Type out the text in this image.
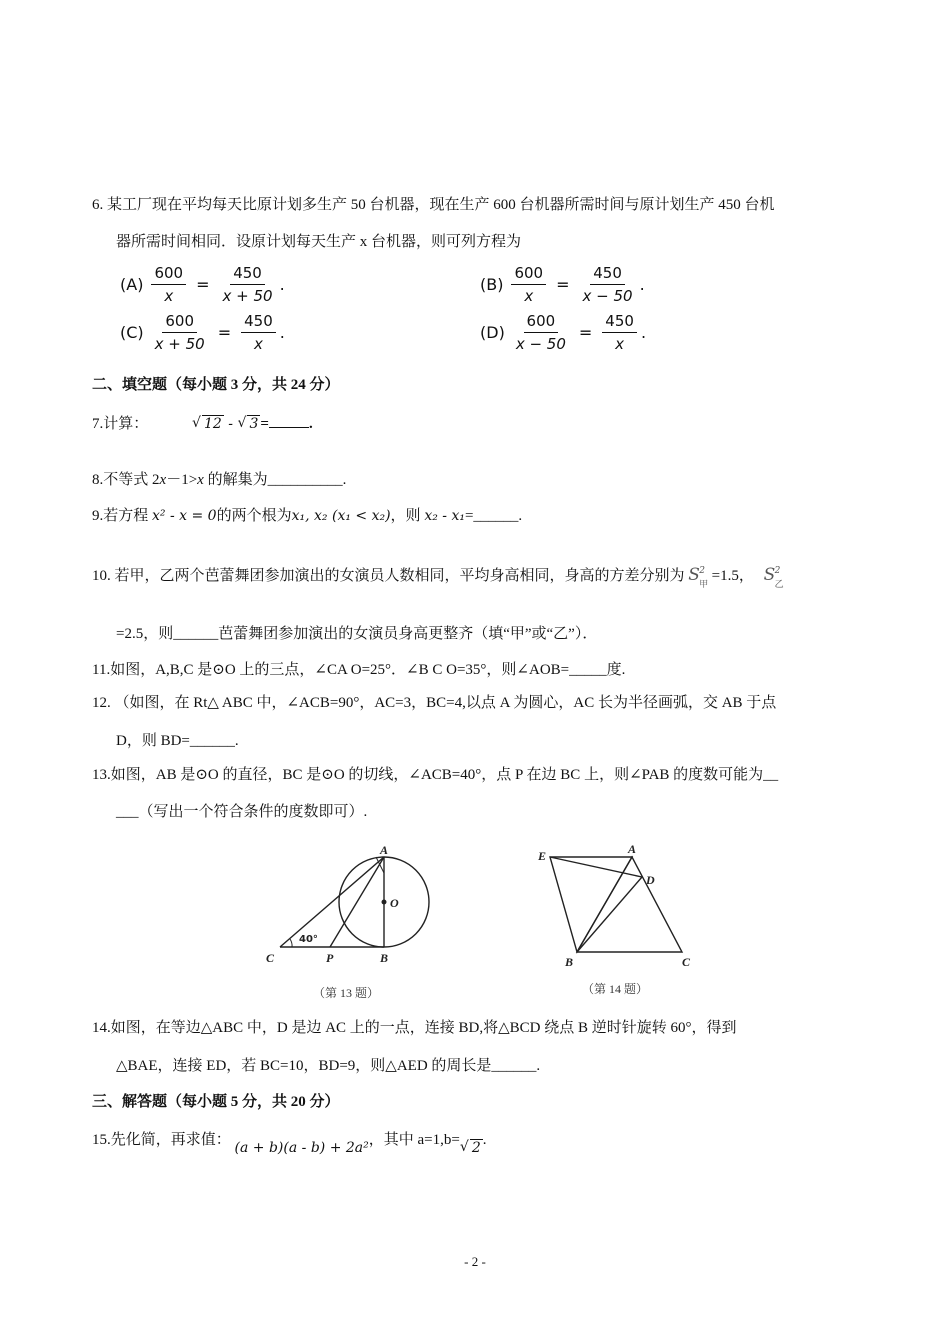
6. 某工厂现在平均每天比原计划多生产 50 台机器，现在生产 600 台机器所需时间与原计划生产 450 台机
器所需时间相同．设原计划每天生产 x 台机器，则可列方程为
$(A) \frac{600}{x} = \frac{450}{x + 50}$ .	$(B) \frac{600}{x} = \frac{450}{x - 50}$ .
$(C) \frac{600}{x + 50} = \frac{450}{x}$ .	$(D) \frac{600}{x - 50} = \frac{450}{x}$ .
二、填空题（每小题 3 分，共 24 分）
7.计算：	√ 12 - √ 3 =	.
8.不等式 2x－1>x 的解集为__________.
9.若方程 x² - x = 0的两个根为x₁, x₂ (x₁ < x₂)，则 x₂ - x₁=______.
10. 若甲，乙两个芭蕾舞团参加演出的女演员人数相同，平均身高相同，身高的方差分别为 S 2
甲
=1.5， S 2
乙
=2.5，则______芭蕾舞团参加演出的女演员身高更整齐（填“甲”或“乙”）．
11.如图，A,B,C 是⊙O 上的三点，∠CA O=25°．∠B C O=35°，则∠AOB=_____度.
12. （如图，在 Rt△ ABC 中，∠ACB=90°，AC=3，BC=4,以点 A 为圆心，AC 长为半径画弧，交 AB 于点
D，则 BD=______.
13.如图，AB 是⊙O 的直径，BC 是⊙O 的切线，∠ACB=40°，点 P 在边 BC 上，则∠PAB 的度数可能为__
___（写出一个符合条件的度数即可）.
A
O
C	P	B
40°
（第 13 题）
E	A
D
B	C
（第 14 题）
14.如图，在等边△ABC 中，D 是边 AC 上的一点，连接 BD,将△BCD 绕点 B 逆时针旋转 60°，得到
△BAE，连接 ED，若 BC=10，BD=9，则△AED 的周长是______.
三、解答题（每小题 5 分，共 20 分）
15.先化简，再求值： (a + b)(a - b) + 2a²，其中 a=1,b= √ 2 .
- 2 -
